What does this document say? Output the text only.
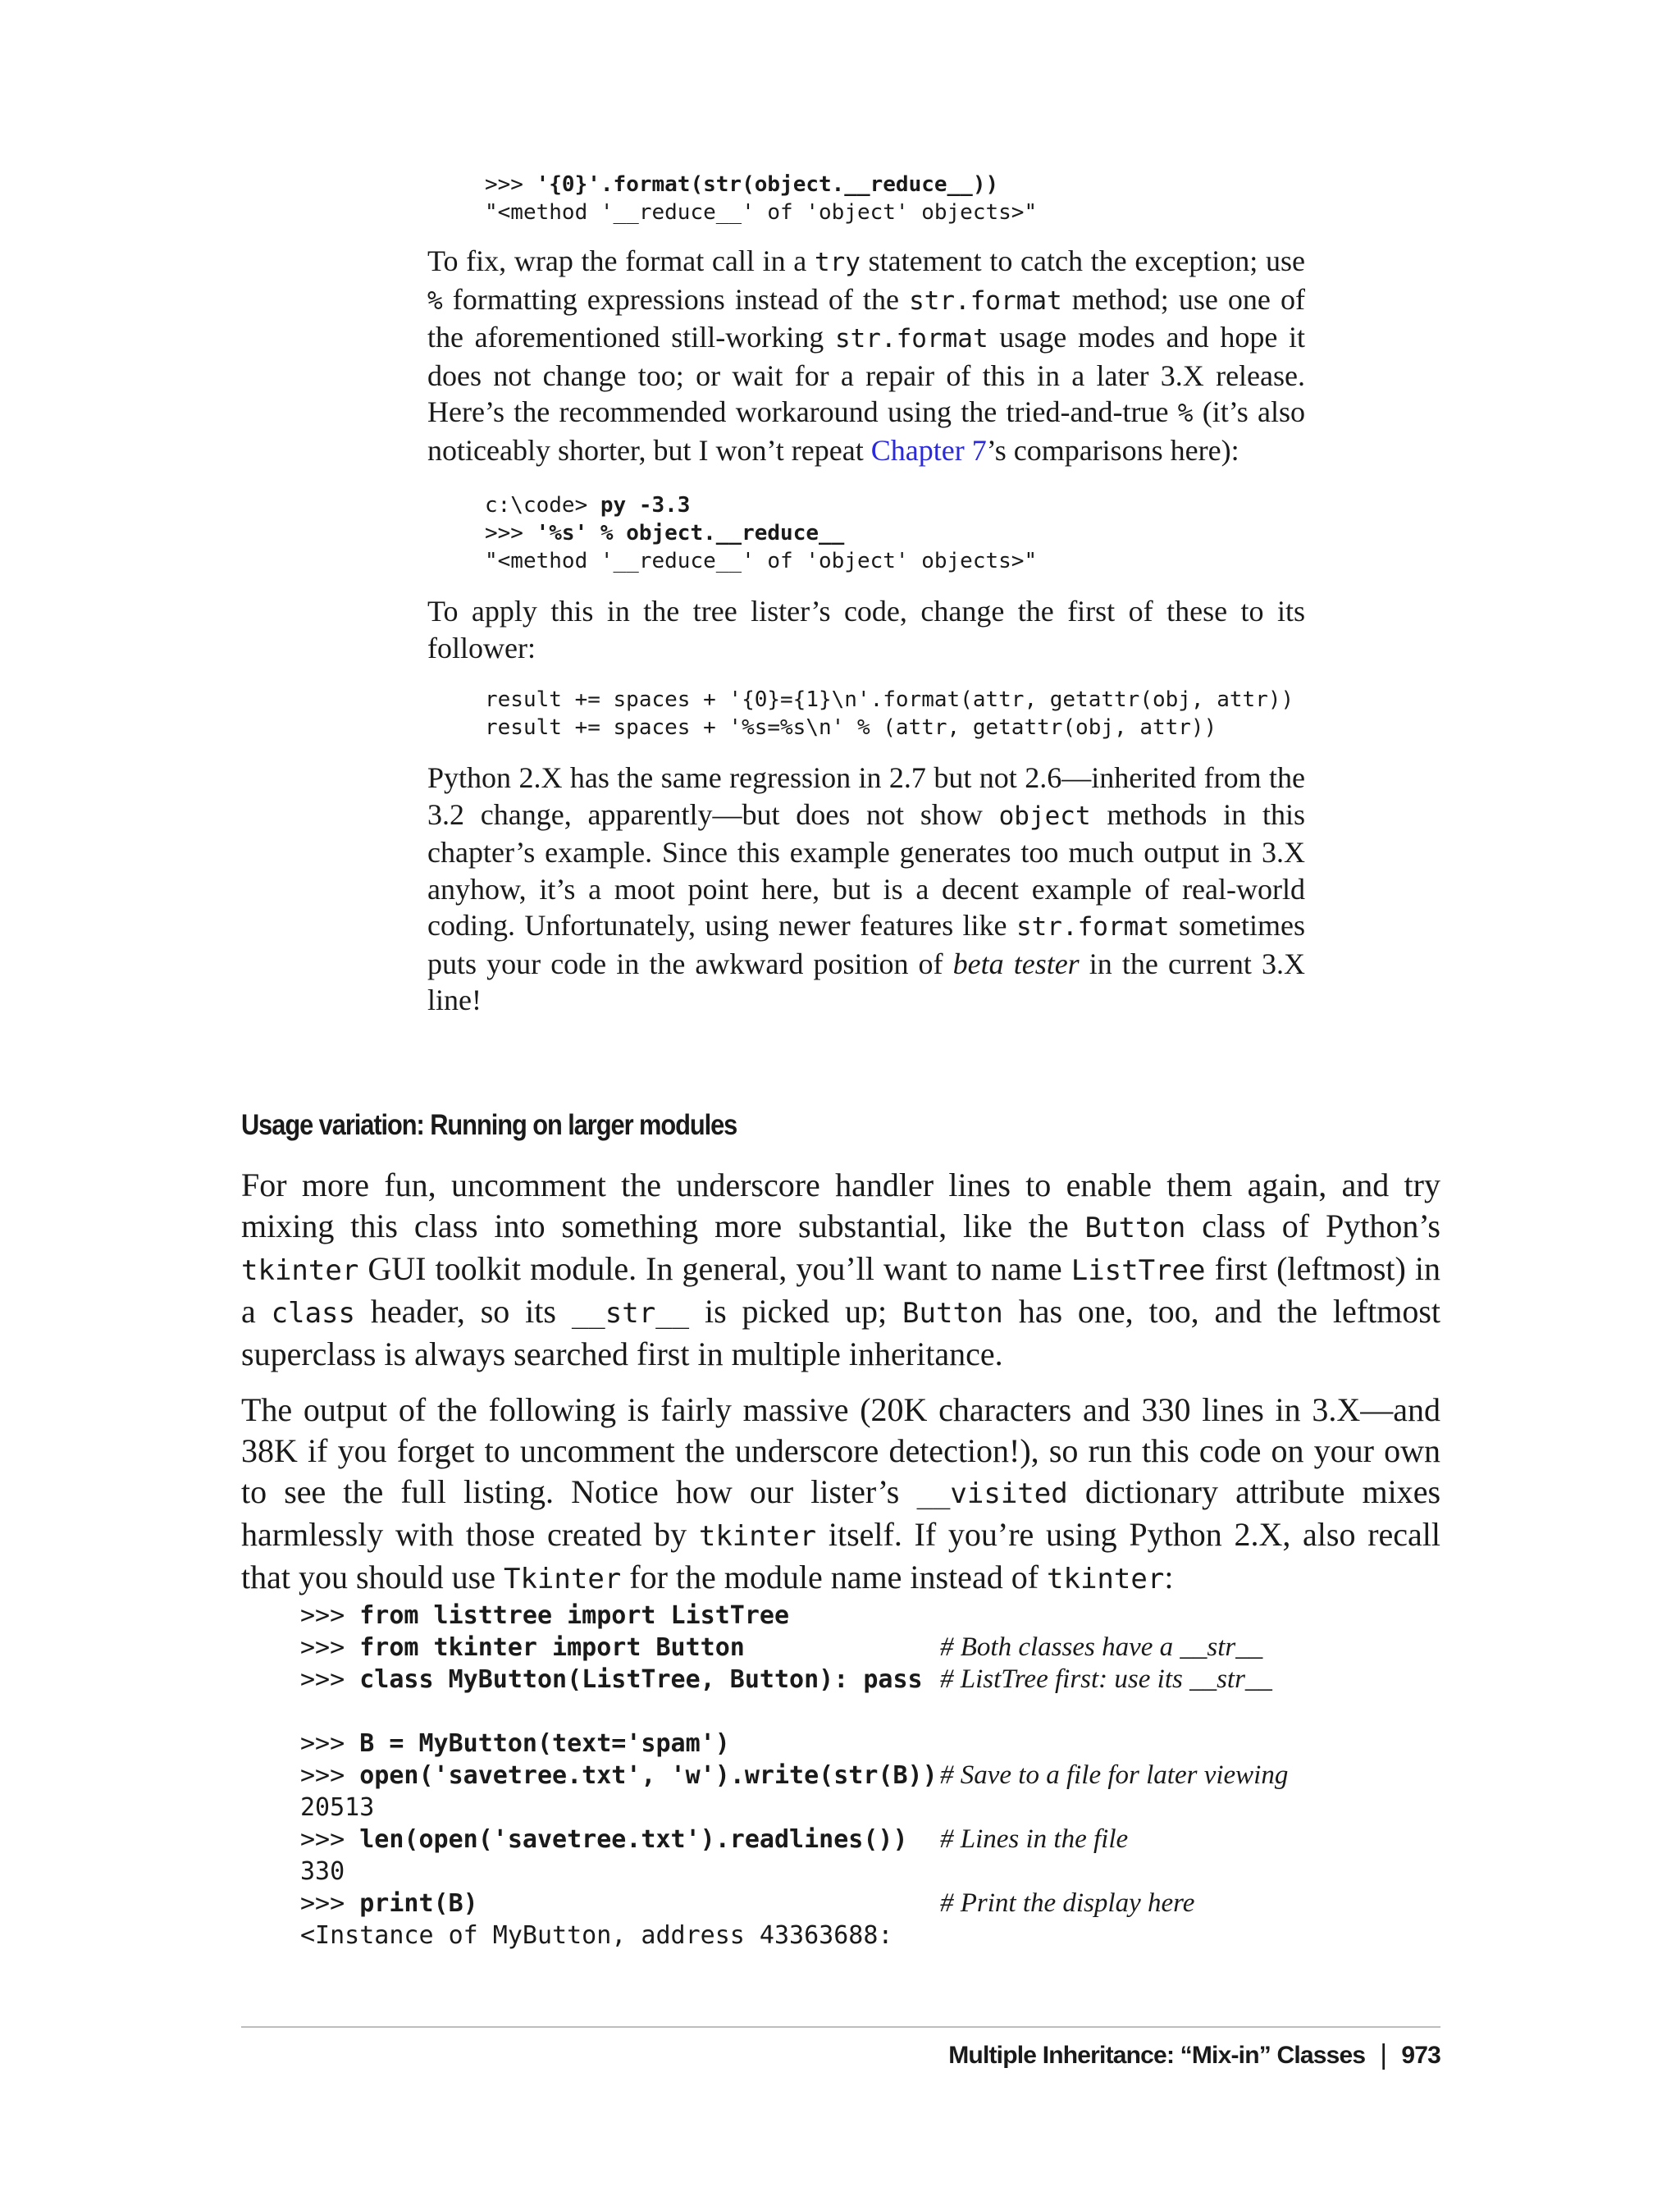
>>> '{0}'.format(str(object.__reduce__))
"<method '__reduce__' of 'object' objects>"

To fix, wrap the format call in a try statement to catch the exception; use % formatting expressions instead of the str.format method; use one of the aforementioned still-working str.format usage modes and hope it does not change too; or wait for a repair of this in a later 3.X release. Here’s the recommended workaround using the tried-and-true % (it’s also noticeably shorter, but I won’t repeat Chapter 7’s comparisons here):

c:\code> py -3.3
>>> '%s' % object.__reduce__
"<method '__reduce__' of 'object' objects>"

To apply this in the tree lister’s code, change the first of these to its follower:

result += spaces + '{0}={1}\n'.format(attr, getattr(obj, attr))
result += spaces + '%s=%s\n' % (attr, getattr(obj, attr))

Python 2.X has the same regression in 2.7 but not 2.6—inherited from the 3.2 change, apparently—but does not show object methods in this chapter’s example. Since this example generates too much output in 3.X anyhow, it’s a moot point here, but is a decent example of real-world coding. Unfortunately, using newer features like str.format sometimes puts your code in the awkward position of beta tester in the current 3.X line!

Usage variation: Running on larger modules

For more fun, uncomment the underscore handler lines to enable them again, and try mixing this class into something more substantial, like the Button class of Python’s tkinter GUI toolkit module. In general, you’ll want to name ListTree first (leftmost) in a class header, so its __str__ is picked up; Button has one, too, and the leftmost superclass is always searched first in multiple inheritance.

The output of the following is fairly massive (20K characters and 330 lines in 3.X—and 38K if you forget to uncomment the underscore detection!), so run this code on your own to see the full listing. Notice how our lister’s __visited dictionary attribute mixes harmlessly with those created by tkinter itself. If you’re using Python 2.X, also recall that you should use Tkinter for the module name instead of tkinter:

>>> from listtree import ListTree
>>> from tkinter import Button	# Both classes have a __str__
>>> class MyButton(ListTree, Button): pass # ListTree first: use its __str__
>>> B = MyButton(text='spam')
>>> open('savetree.txt', 'w').write(str(B)) # Save to a file for later viewing
20513
>>> len(open('savetree.txt').readlines()) # Lines in the file
330
>>> print(B)	# Print the display here
<Instance of MyButton, address 43363688:
Multiple Inheritance: “Mix-in” Classes | 973
